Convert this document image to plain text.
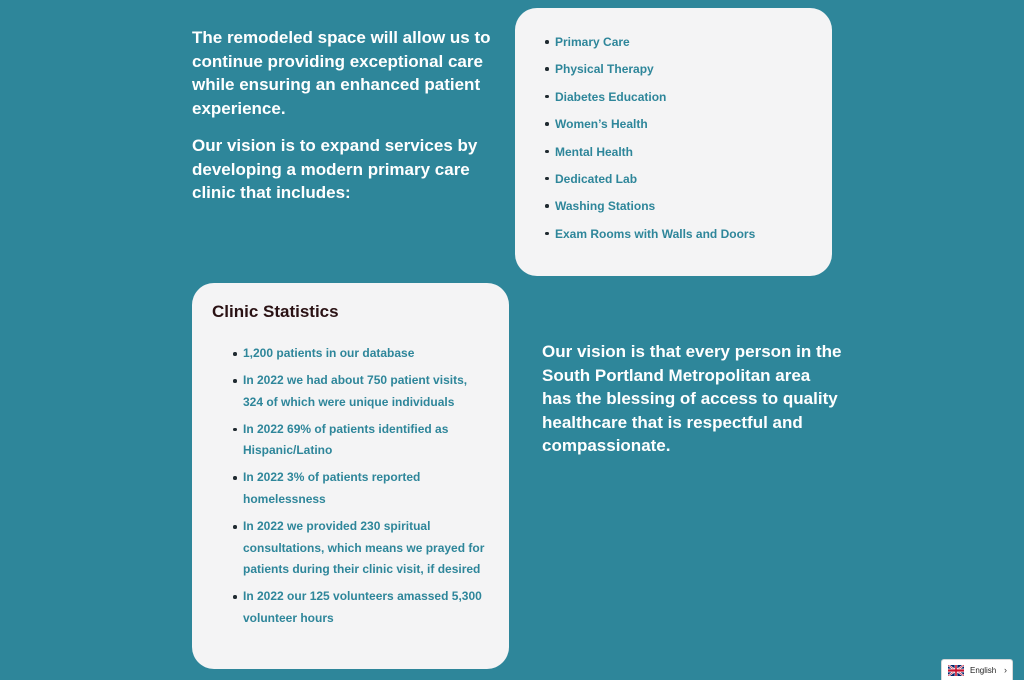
The remodeled space will allow us to continue providing exceptional care while ensuring an enhanced patient experience.

Our vision is to expand services by developing a modern primary care clinic that includes:

Primary Care
Physical Therapy
Diabetes Education
Women’s Health
Mental Health
Dedicated Lab
Washing Stations
Exam Rooms with Walls and Doors
Clinic Statistics
1,200 patients in our database
In 2022 we had about 750 patient visits, 324 of which were unique individuals
In 2022 69% of patients identified as Hispanic/Latino
In 2022 3% of patients reported homelessness
In 2022 we provided 230 spiritual consultations, which means we prayed for patients during their clinic visit, if desired
In 2022 our 125 volunteers amassed 5,300 volunteer hours

Our vision is that every person in the South Portland Metropolitan area has the blessing of access to quality healthcare that is respectful and compassionate.

English ›
